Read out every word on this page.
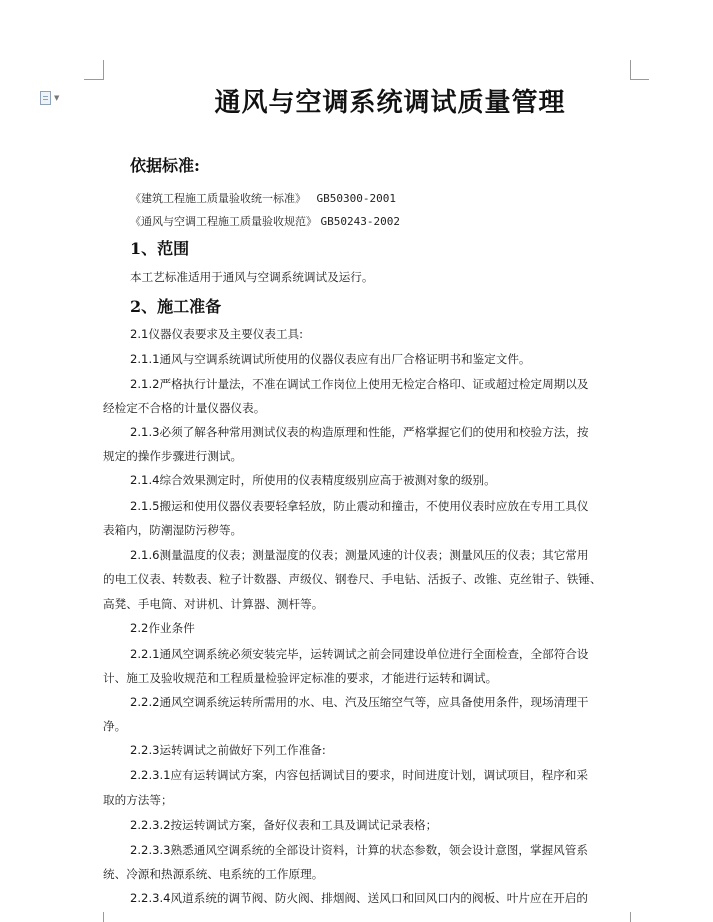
▼	通风与空调系统调试质量管理
依据标准:
《建筑工程施工质量验收统一标准》 GB50300-2001
《通风与空调工程施工质量验收规范》 GB50243-2002
1、范围
本工艺标准适用于通风与空调系统调试及运行。
2、施工准备
2.1仪器仪表要求及主要仪表工具:
2.1.1通风与空调系统调试所使用的仪器仪表应有出厂合格证明书和鉴定文件。
2.1.2严格执行计量法，不准在调试工作岗位上使用无检定合格印、证或超过检定周期以及
经检定不合格的计量仪器仪表。
2.1.3必须了解各种常用测试仪表的构造原理和性能，严格掌握它们的使用和校验方法，按
规定的操作步骤进行测试。
2.1.4综合效果测定时，所使用的仪表精度级别应高于被测对象的级别。
2.1.5搬运和使用仪器仪表要轻拿轻放，防止震动和撞击，不使用仪表时应放在专用工具仪
表箱内，防潮湿防污秽等。
2.1.6测量温度的仪表；测量湿度的仪表；测量风速的计仪表；测量风压的仪表；其它常用
的电工仪表、转数表、粒子计数器、声级仪、钢卷尺、手电钻、活扳子、改锥、克丝钳子、铁锤、
高凳、手电筒、对讲机、计算器、测杆等。
2.2作业条件
2.2.1通风空调系统必须安装完毕，运转调试之前会同建设单位进行全面检查，全部符合设
计、施工及验收规范和工程质量检验评定标准的要求，才能进行运转和调试。
2.2.2通风空调系统运转所需用的水、电、汽及压缩空气等，应具备使用条件，现场清理干
净。
2.2.3运转调试之前做好下列工作准备:
2.2.3.1应有运转调试方案，内容包括调试目的要求，时间进度计划，调试项目，程序和采
取的方法等；
2.2.3.2按运转调试方案，备好仪表和工具及调试记录表格；
2.2.3.3熟悉通风空调系统的全部设计资料，计算的状态参数，领会设计意图，掌握风管系
统、冷源和热源系统、电系统的工作原理。
2.2.3.4风道系统的调节阀、防火阀、排烟阀、送风口和回风口内的阀板、叶片应在开启的
